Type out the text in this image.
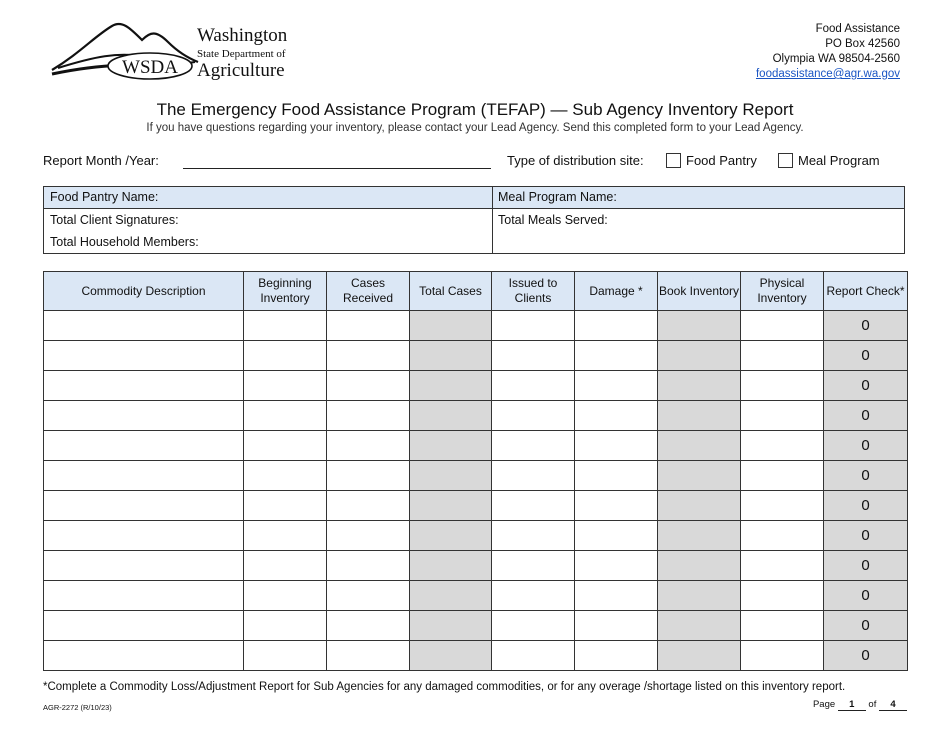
WSDA
Washington
State Department of
Agriculture
Food Assistance
PO Box 42560
Olympia WA 98504-2560
foodassistance@agr.wa.gov
The Emergency Food Assistance Program (TEFAP) — Sub Agency Inventory Report
If you have questions regarding your inventory, please contact your Lead Agency. Send this completed form to your Lead Agency.
Report Month /Year:	Type of distribution site:	Food Pantry	Meal Program
Food Pantry Name:	Meal Program Name:
Total Client Signatures:
Total Household Members:
Total Meals Served:
Commodity Description	Beginning Inventory	Cases Received	Total Cases	Issued to Clients	Damage *	Book Inventory	Physical Inventory	Report Check*
								0
								0
								0
								0
								0
								0
								0
								0
								0
								0
								0
								0
*Complete a Commodity Loss/Adjustment Report for Sub Agencies for any damaged commodities, or for any overage /shortage listed on this inventory report.
AGR-2272 (R/10/23)	Page 1 of 4
